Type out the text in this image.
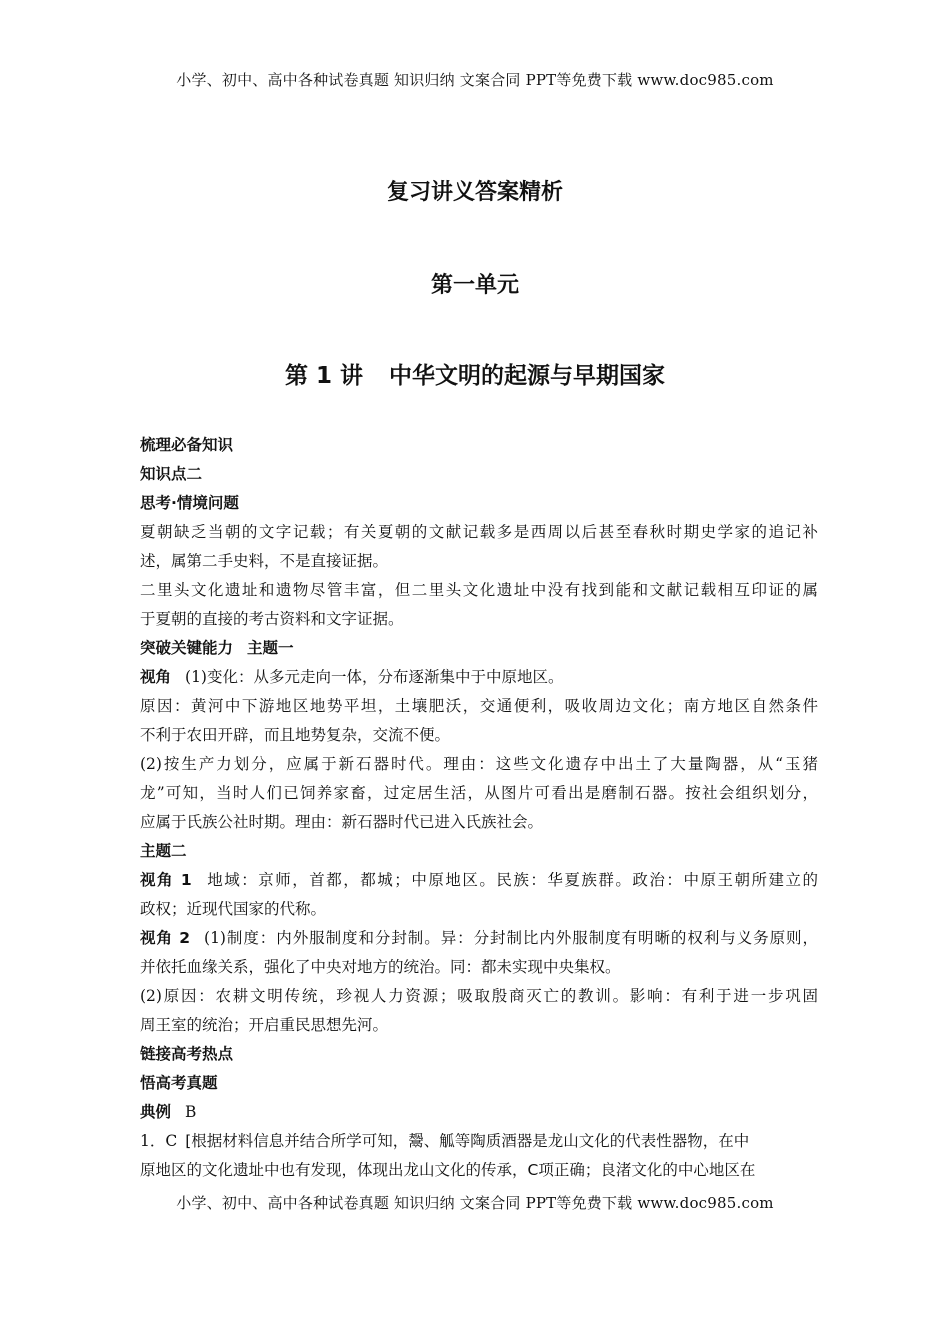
小学、初中、高中各种试卷真题 知识归纳 文案合同 PPT等免费下载 www.doc985.com
复习讲义答案精析
第一单元
第 1 讲 中华文明的起源与早期国家
梳理必备知识
知识点二
思考·情境问题
夏朝缺乏当朝的文字记载；有关夏朝的文献记载多是西周以后甚至春秋时期史学家的追记补
述，属第二手史料，不是直接证据。
二里头文化遗址和遗物尽管丰富，但二里头文化遗址中没有找到能和文献记载相互印证的属
于夏朝的直接的考古资料和文字证据。
突破关键能力 主题一
视角 (1)变化：从多元走向一体，分布逐渐集中于中原地区。
原因：黄河中下游地区地势平坦，土壤肥沃，交通便利，吸收周边文化；南方地区自然条件
不利于农田开辟，而且地势复杂，交流不便。
(2)按生产力划分，应属于新石器时代。理由：这些文化遗存中出土了大量陶器，从“玉猪
龙”可知，当时人们已饲养家畜，过定居生活，从图片可看出是磨制石器。按社会组织划分，
应属于氏族公社时期。理由：新石器时代已进入氏族社会。
主题二
视角 1 地域：京师，首都，都城；中原地区。民族：华夏族群。政治：中原王朝所建立的
政权；近现代国家的代称。
视角 2 (1)制度：内外服制度和分封制。异：分封制比内外服制度有明晰的权利与义务原则，
并依托血缘关系，强化了中央对地方的统治。同：都未实现中央集权。
(2)原因：农耕文明传统，珍视人力资源；吸取殷商灭亡的教训。影响：有利于进一步巩固
周王室的统治；开启重民思想先河。
链接高考热点
悟高考真题
典例 B
1．C [根据材料信息并结合所学可知，鬶、觚等陶质酒器是龙山文化的代表性器物，在中
原地区的文化遗址中也有发现，体现出龙山文化的传承，C项正确；良渚文化的中心地区在
小学、初中、高中各种试卷真题 知识归纳 文案合同 PPT等免费下载 www.doc985.com
